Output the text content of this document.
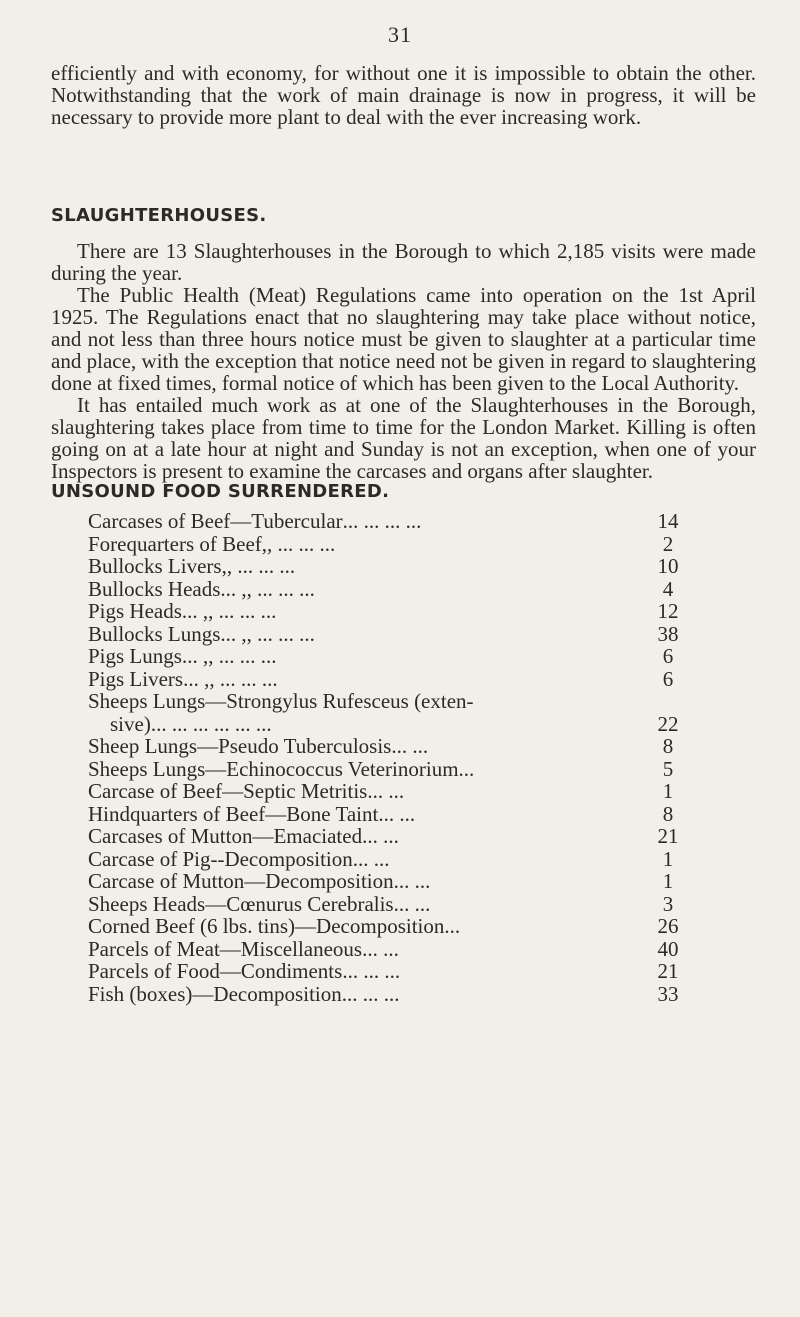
31

efficiently and with economy, for without one it is impossible to obtain the other. Notwithstanding that the work of main drainage is now in progress, it will be necessary to provide more plant to deal with the ever increasing work.

SLAUGHTERHOUSES.

There are 13 Slaughterhouses in the Borough to which 2,185 visits were made during the year.

The Public Health (Meat) Regulations came into operation on the 1st April 1925. The Regulations enact that no slaughtering may take place without notice, and not less than three hours notice must be given to slaughter at a particular time and place, with the exception that notice need not be given in regard to slaughtering done at fixed times, formal notice of which has been given to the Local Authority.

It has entailed much work as at one of the Slaughterhouses in the Borough, slaughtering takes place from time to time for the London Market. Killing is often going on at a late hour at night and Sunday is not an exception, when one of your Inspectors is present to examine the carcases and organs after slaughter.

UNSOUND FOOD SURRENDERED.
Carcases of Beef—Tubercular ... ... ... ...	14
Forequarters of Beef ,, ... ... ...	2
Bullocks Livers ,, ... ... ...	10
Bullocks Heads ... ,, ... ... ...	4
Pigs Heads ... ,, ... ... ...	12
Bullocks Lungs ... ,, ... ... ...	38
Pigs Lungs ... ,, ... ... ...	6
Pigs Livers ... ,, ... ... ...	6
Sheeps Lungs—Strongylus Rufesceus (exten-
sive) ... ... ... ... ... ...	22
Sheep Lungs—Pseudo Tuberculosis ... ...	8
Sheeps Lungs—Echinococcus Veterinorium ...	5
Carcase of Beef—Septic Metritis ... ...	1
Hindquarters of Beef—Bone Taint ... ...	8
Carcases of Mutton—Emaciated ... ...	21
Carcase of Pig--Decomposition ... ...	1
Carcase of Mutton—Decomposition ... ...	1
Sheeps Heads—Cœnurus Cerebralis ... ...	3
Corned Beef (6 lbs. tins)—Decomposition ...	26
Parcels of Meat—Miscellaneous ... ...	40
Parcels of Food—Condiments ... ... ...	21
Fish (boxes)—Decomposition ... ... ...	33
